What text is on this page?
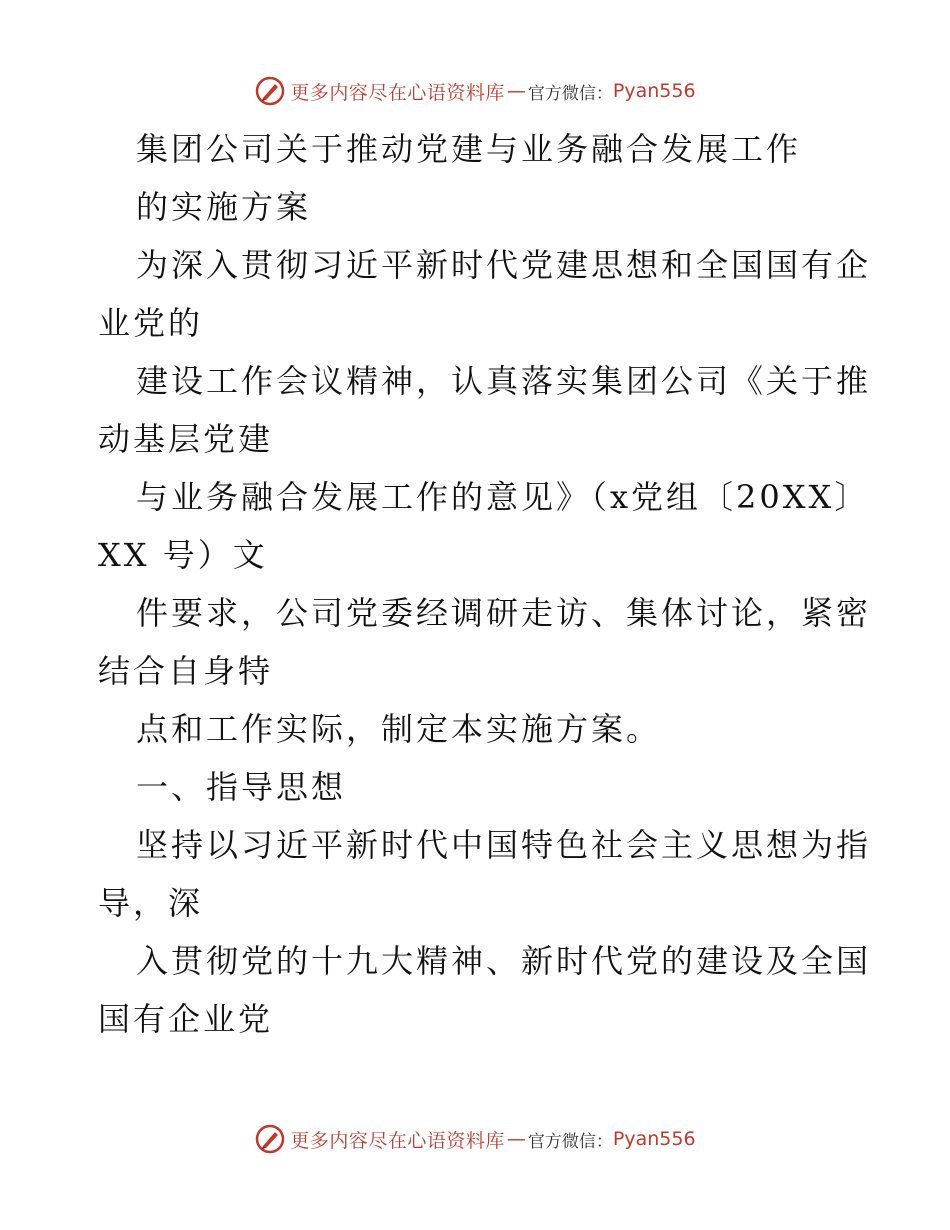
更多内容尽在心语资料库 — 官方微信： Pyan556
集团公司关于推动党建与业务融合发展工作
的实施方案
为深入贯彻习近平新时代党建思想和全国国有企
业党的
建设工作会议精神，认真落实集团公司《关于推
动基层党建
与业务融合发展工作的意见》（x党组〔20XX〕
XX 号）文
件要求，公司党委经调研走访、集体讨论，紧密
结合自身特
点和工作实际，制定本实施方案。
一、指导思想
坚持以习近平新时代中国特色社会主义思想为指
导，深
入贯彻党的十九大精神、新时代党的建设及全国
国有企业党
更多内容尽在心语资料库 — 官方微信： Pyan556
